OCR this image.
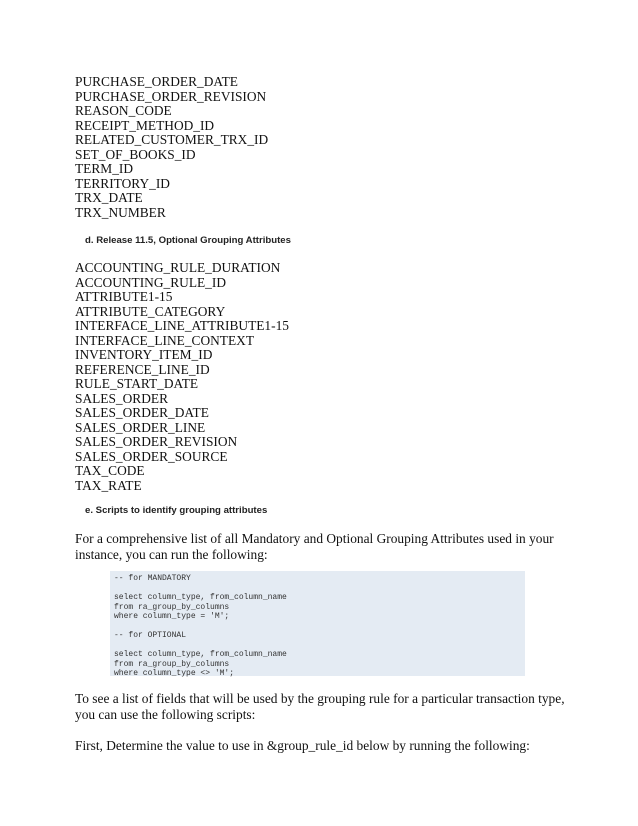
PURCHASE_ORDER_DATE
PURCHASE_ORDER_REVISION
REASON_CODE
RECEIPT_METHOD_ID
RELATED_CUSTOMER_TRX_ID
SET_OF_BOOKS_ID
TERM_ID
TERRITORY_ID
TRX_DATE
TRX_NUMBER
d. Release 11.5, Optional Grouping Attributes
ACCOUNTING_RULE_DURATION
ACCOUNTING_RULE_ID
ATTRIBUTE1-15
ATTRIBUTE_CATEGORY
INTERFACE_LINE_ATTRIBUTE1-15
INTERFACE_LINE_CONTEXT
INVENTORY_ITEM_ID
REFERENCE_LINE_ID
RULE_START_DATE
SALES_ORDER
SALES_ORDER_DATE
SALES_ORDER_LINE
SALES_ORDER_REVISION
SALES_ORDER_SOURCE
TAX_CODE
TAX_RATE
e. Scripts to identify grouping attributes
For a comprehensive list of all Mandatory and Optional Grouping Attributes used in your instance, you can run the following:
-- for MANDATORY

select column_type, from_column_name
from ra_group_by_columns
where column_type = 'M';

-- for OPTIONAL

select column_type, from_column_name
from ra_group_by_columns
where column_type <> 'M';
To see a list of fields that will be used by the grouping rule for a particular transaction type, you can use the following scripts:
First, Determine the value to use in &group_rule_id below by running the following:
